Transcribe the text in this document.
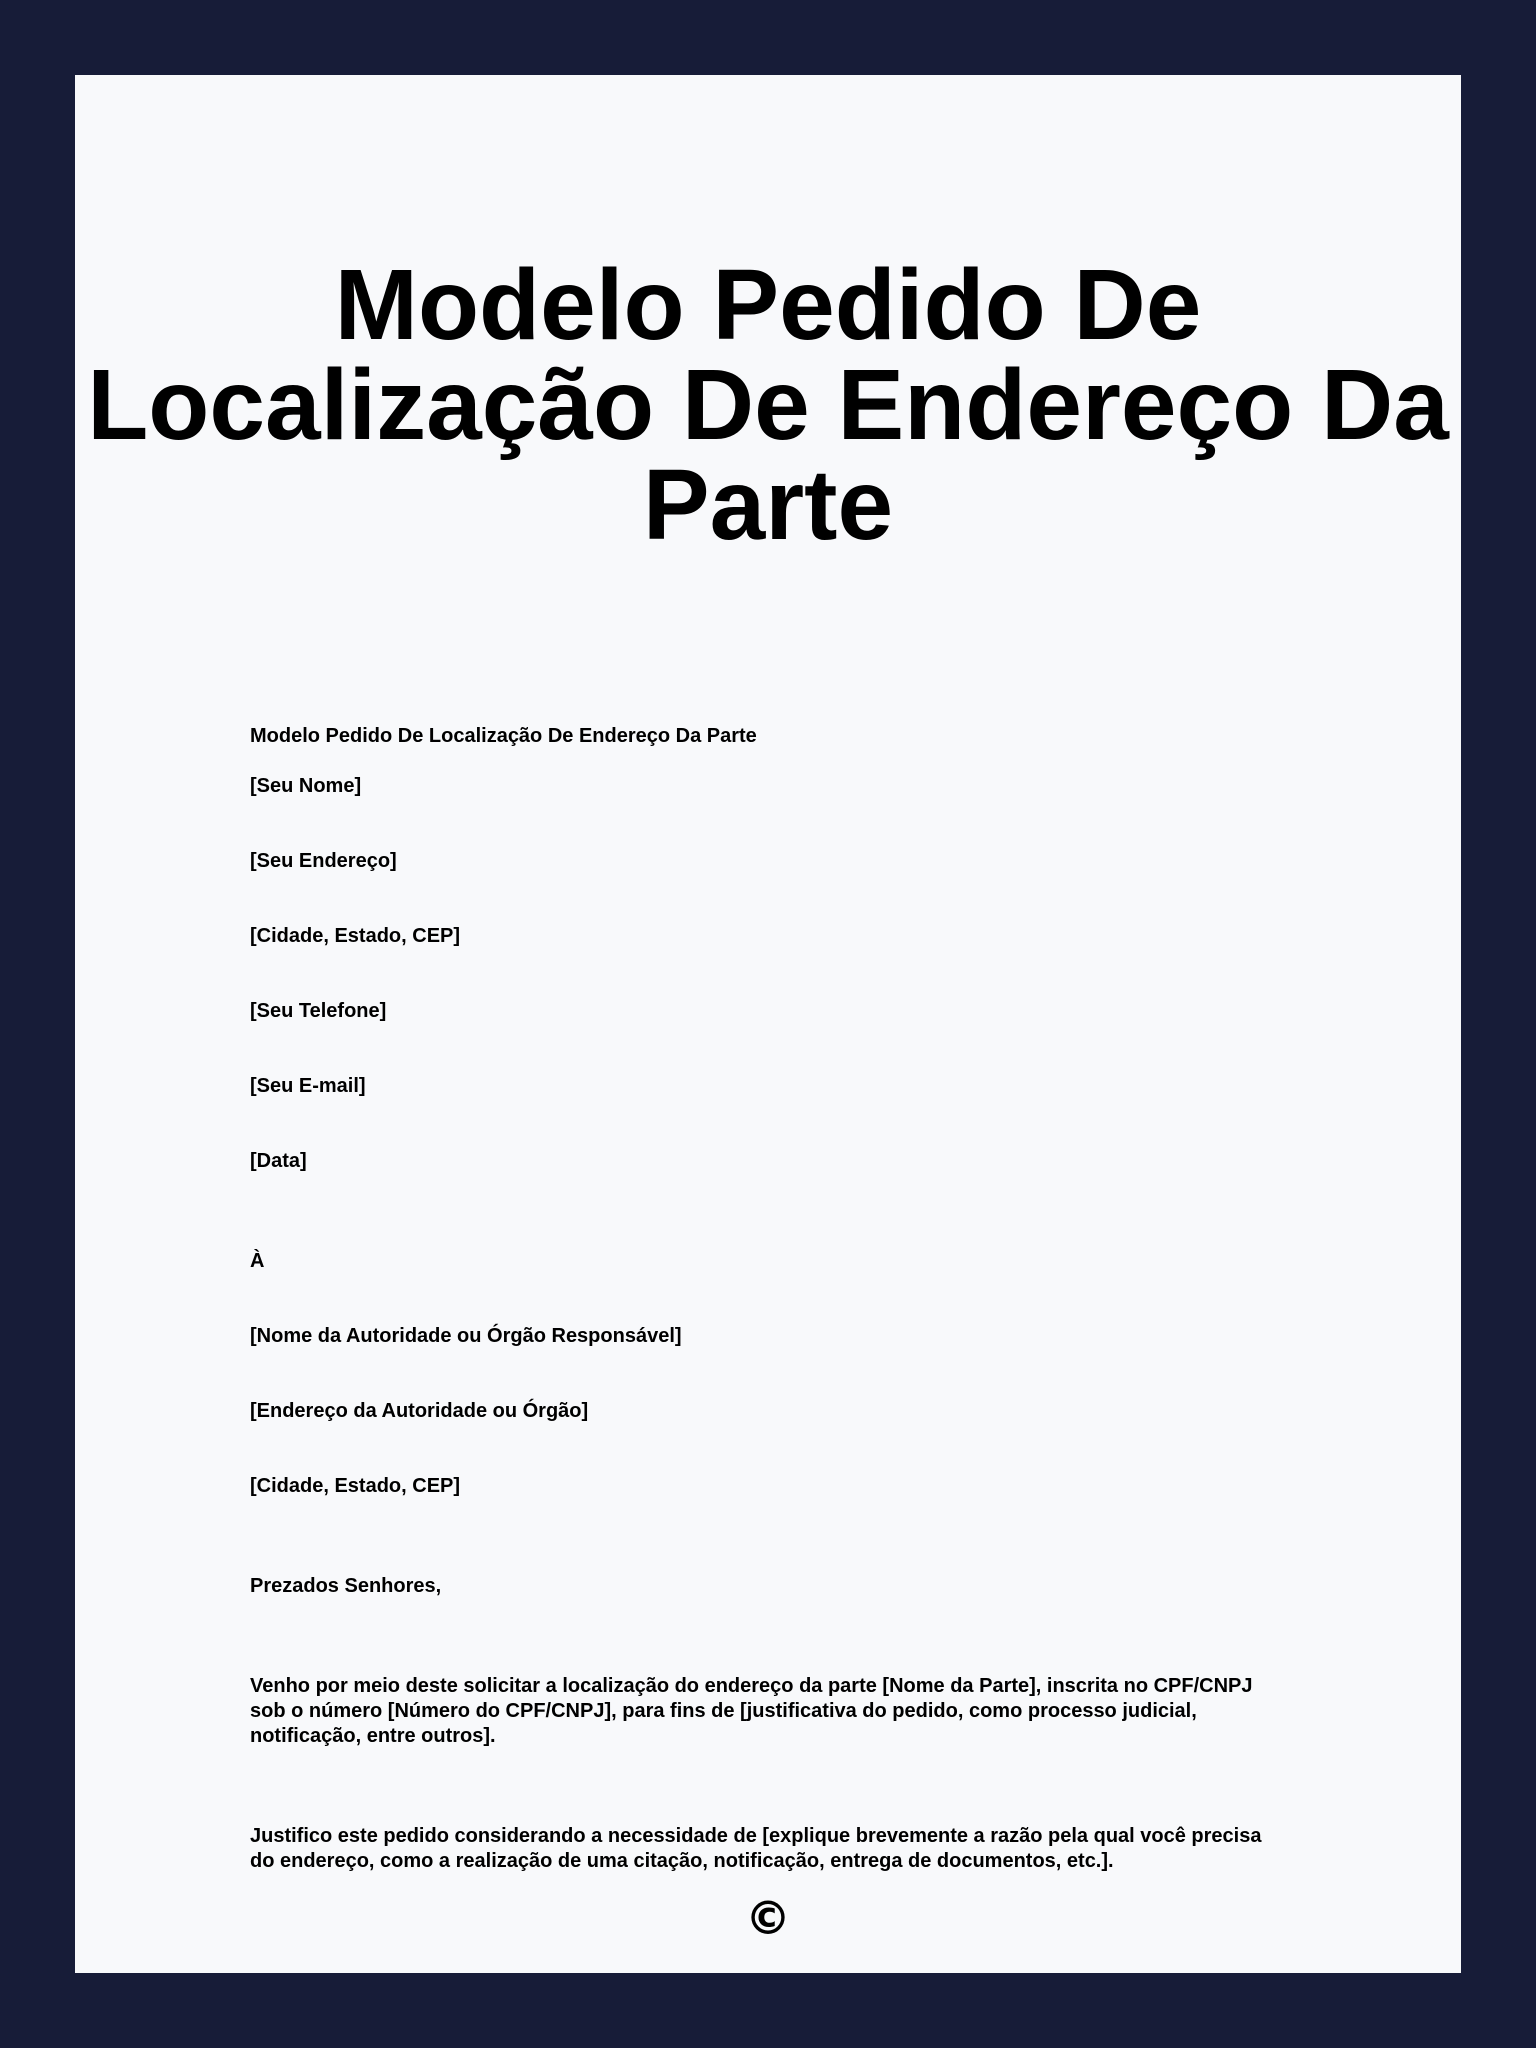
Modelo Pedido De Localização De Endereço Da Parte

Modelo Pedido De Localização De Endereço Da Parte

[Seu Nome]

[Seu Endereço]

[Cidade, Estado, CEP]

[Seu Telefone]

[Seu E-mail]

[Data]

À

[Nome da Autoridade ou Órgão Responsável]

[Endereço da Autoridade ou Órgão]

[Cidade, Estado, CEP]

Prezados Senhores,

Venho por meio deste solicitar a localização do endereço da parte [Nome da Parte], inscrita no CPF/CNPJ sob o número [Número do CPF/CNPJ], para fins de [justificativa do pedido, como processo judicial, notificação, entre outros].

Justifico este pedido considerando a necessidade de [explique brevemente a razão pela qual você precisa do endereço, como a realização de uma citação, notificação, entrega de documentos, etc.].

©
